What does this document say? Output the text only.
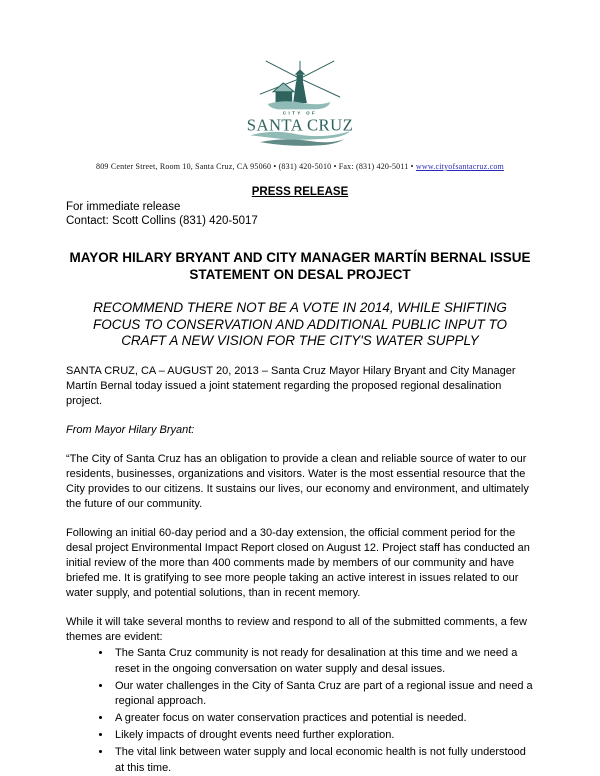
CITY OF
SANTA CRUZ
809 Center Street, Room 10, Santa Cruz, CA 95060 • (831) 420-5010 • Fax: (831) 420-5011 • www.cityofsantacruz.com
PRESS RELEASE
For immediate release
Contact: Scott Collins (831) 420-5017
MAYOR HILARY BRYANT AND CITY MANAGER MARTÍN BERNAL ISSUE STATEMENT ON DESAL PROJECT
RECOMMEND THERE NOT BE A VOTE IN 2014, WHILE SHIFTING FOCUS TO CONSERVATION AND ADDITIONAL PUBLIC INPUT TO CRAFT A NEW VISION FOR THE CITY'S WATER SUPPLY

SANTA CRUZ, CA – AUGUST 20, 2013 – Santa Cruz Mayor Hilary Bryant and City Manager Martín Bernal today issued a joint statement regarding the proposed regional desalination project.

From Mayor Hilary Bryant:

“The City of Santa Cruz has an obligation to provide a clean and reliable source of water to our residents, businesses, organizations and visitors. Water is the most essential resource that the City provides to our citizens. It sustains our lives, our economy and environment, and ultimately the future of our community.

Following an initial 60-day period and a 30-day extension, the official comment period for the desal project Environmental Impact Report closed on August 12. Project staff has conducted an initial review of the more than 400 comments made by members of our community and have briefed me. It is gratifying to see more people taking an active interest in issues related to our water supply, and potential solutions, than in recent memory.

While it will take several months to review and respond to all of the submitted comments, a few themes are evident:

• The Santa Cruz community is not ready for desalination at this time and we need a reset in the ongoing conversation on water supply and desal issues.
• Our water challenges in the City of Santa Cruz are part of a regional issue and need a regional approach.
• A greater focus on water conservation practices and potential is needed.
• Likely impacts of drought events need further exploration.
• The vital link between water supply and local economic health is not fully understood at this time.
